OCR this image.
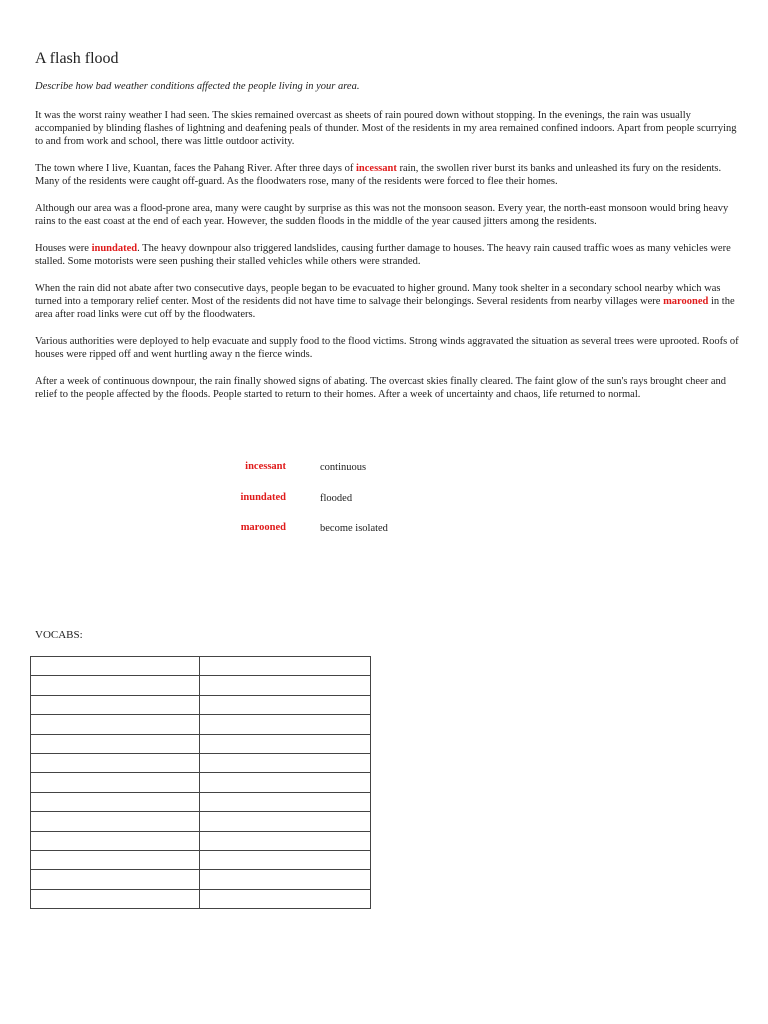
A flash flood

Describe how bad weather conditions affected the people living in your area.

It was the worst rainy weather I had seen. The skies remained overcast as sheets of rain poured down without stopping. In the evenings, the rain was usually accompanied by blinding flashes of lightning and deafening peals of thunder. Most of the residents in my area remained confined indoors. Apart from people scurrying to and from work and school, there was little outdoor activity.

The town where I live, Kuantan, faces the Pahang River. After three days of incessant rain, the swollen river burst its banks and unleashed its fury on the residents. Many of the residents were caught off-guard. As the floodwaters rose, many of the residents were forced to flee their homes.

Although our area was a flood-prone area, many were caught by surprise as this was not the monsoon season. Every year, the north-east monsoon would bring heavy rains to the east coast at the end of each year. However, the sudden floods in the middle of the year caused jitters among the residents.

Houses were inundated. The heavy downpour also triggered landslides, causing further damage to houses. The heavy rain caused traffic woes as many vehicles were stalled. Some motorists were seen pushing their stalled vehicles while others were stranded.

When the rain did not abate after two consecutive days, people began to be evacuated to higher ground. Many took shelter in a secondary school nearby which was turned into a temporary relief center. Most of the residents did not have time to salvage their belongings. Several residents from nearby villages were marooned in the area after road links were cut off by the floodwaters.

Various authorities were deployed to help evacuate and supply food to the flood victims. Strong winds aggravated the situation as several trees were uprooted. Roofs of houses were ripped off and went hurtling away n the fierce winds.

After a week of continuous downpour, the rain finally showed signs of abating. The overcast skies finally cleared. The faint glow of the sun's rays brought cheer and relief to the people affected by the floods. People started to return to their homes. After a week of uncertainty and chaos, life returned to normal.

incessant	continuous
inundated	flooded
marooned	become isolated
VOCABS:
